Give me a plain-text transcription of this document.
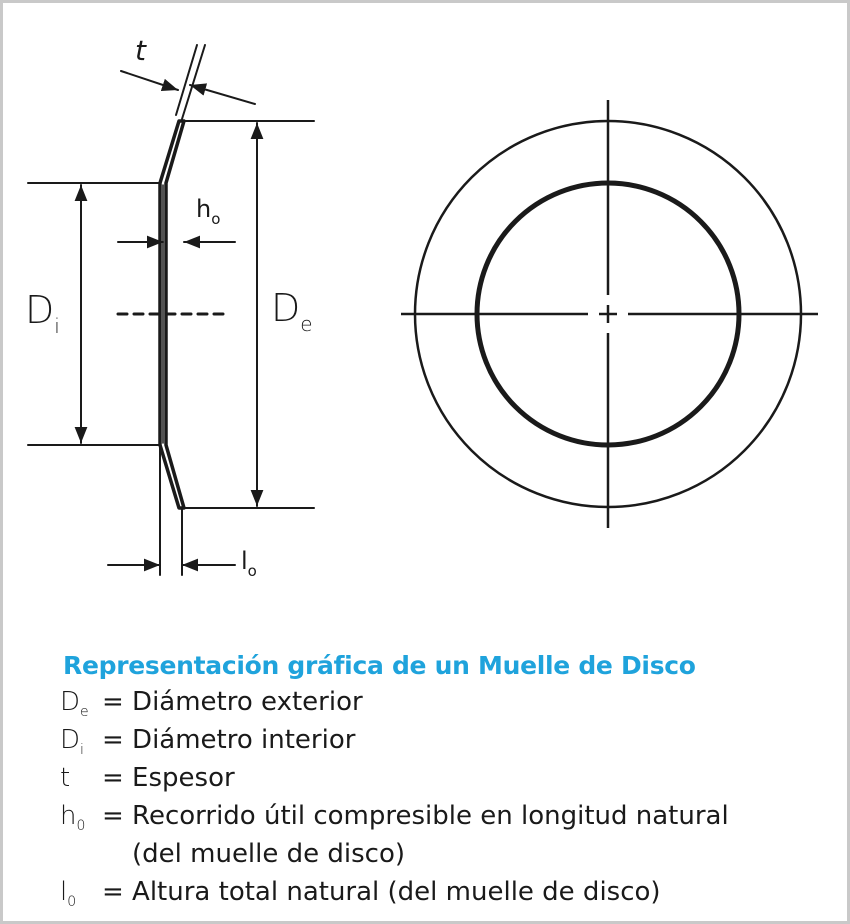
t
$h_o$
$D_i$	$D_e$
$l_o$
Representación gráfica de un Muelle de Disco
$D_e$ = Diámetro exterior
$D_i$ = Diámetro interior
t = Espesor
$h_0$ = Recorrido útil compresible en longitud natural
(del muelle de disco)
$l_0$ = Altura total natural (del muelle de disco)
